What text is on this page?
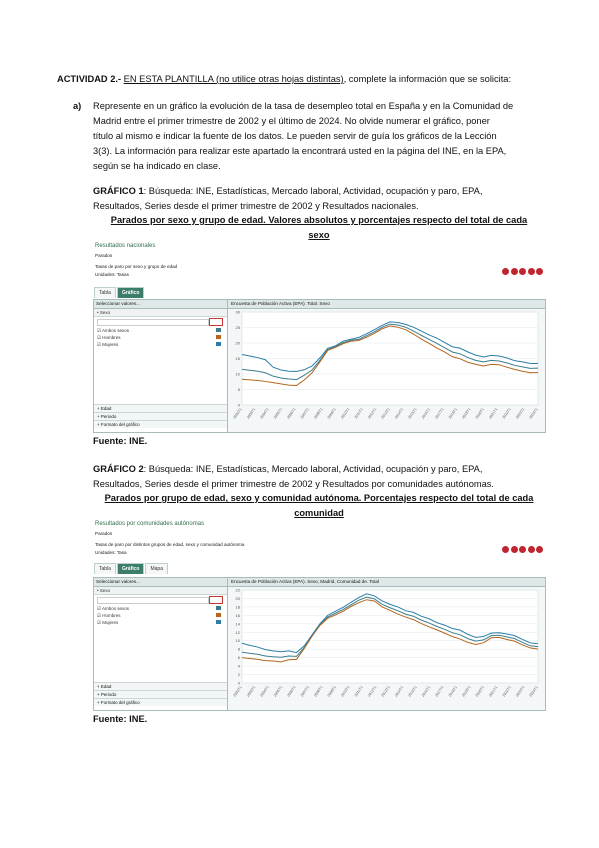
ACTIVIDAD 2.- EN ESTA PLANTILLA (no utilice otras hojas distintas), complete la información que se solicita:
a) Represente en un gráfico la evolución de la tasa de desempleo total en España y en la Comunidad de
Madrid entre el primer trimestre de 2002 y el último de 2024. No olvide numerar el gráfico, poner
título al mismo e indicar la fuente de los datos. Le pueden servir de guía los gráficos de la Lección
3(3). La información para realizar este apartado la encontrará usted en la página del INE, en la EPA,
según se ha indicado en clase.
GRÁFICO 1: Búsqueda: INE, Estadísticas, Mercado laboral, Actividad, ocupación y paro, EPA,
Resultados, Series desde el primer trimestre de 2002 y Resultados nacionales.
Parados por sexo y grupo de edad. Valores absolutos y porcentajes respecto del total de cada
sexo
Resultados nacionales
Parados
Tasas de paro por sexo y grupo de edad
Unidades: Tasas
Tabla	Gráfico
Seleccionar valores...
• Sexo
☑ Ambos sexos
☑ Hombres
☑ Mujeres
+ Edad
+ Periodo
+ Formato del gráfico
Encuesta de Población Activa (EPA). Total. Sexo
0
5
10
15
20
25
30
2002T1 2003T1 2004T1 2005T1 2006T1 2007T1 2008T1 2009T1 2010T1 2011T1 2012T1 2013T1 2014T1 2015T1 2016T1 2017T1 2018T1 2019T1 2020T1 2021T1 2022T1 2023T1 2024T1
Fuente: INE.
GRÁFICO 2: Búsqueda: INE, Estadísticas, Mercado laboral, Actividad, ocupación y paro, EPA,
Resultados, Series desde el primer trimestre de 2002 y Resultados por comunidades autónomas.
Parados por grupo de edad, sexo y comunidad autónoma. Porcentajes respecto del total de cada
comunidad
Resultados por comunidades autónomas
Parados
Tasas de paro por distintos grupos de edad, sexo y comunidad autónoma
Unidades: Tasa
Tabla	Gráfico	Mapa
Seleccionar valores...
• Sexo
☑ Ambos sexos
☑ Hombres
☑ Mujeres
+ Edad
+ Periodo
+ Formato del gráfico
Encuesta de Población Activa (EPA). Sexo, Madrid, Comunidad de. Total
0
2
4
6
8
10
12
14
16
18
20
22
2002T1 2003T1 2004T1 2005T1 2006T1 2007T1 2008T1 2009T1 2010T1 2011T1 2012T1 2013T1 2014T1 2015T1 2016T1 2017T1 2018T1 2019T1 2020T1 2021T1 2022T1 2023T1 2024T1
Fuente: INE.
